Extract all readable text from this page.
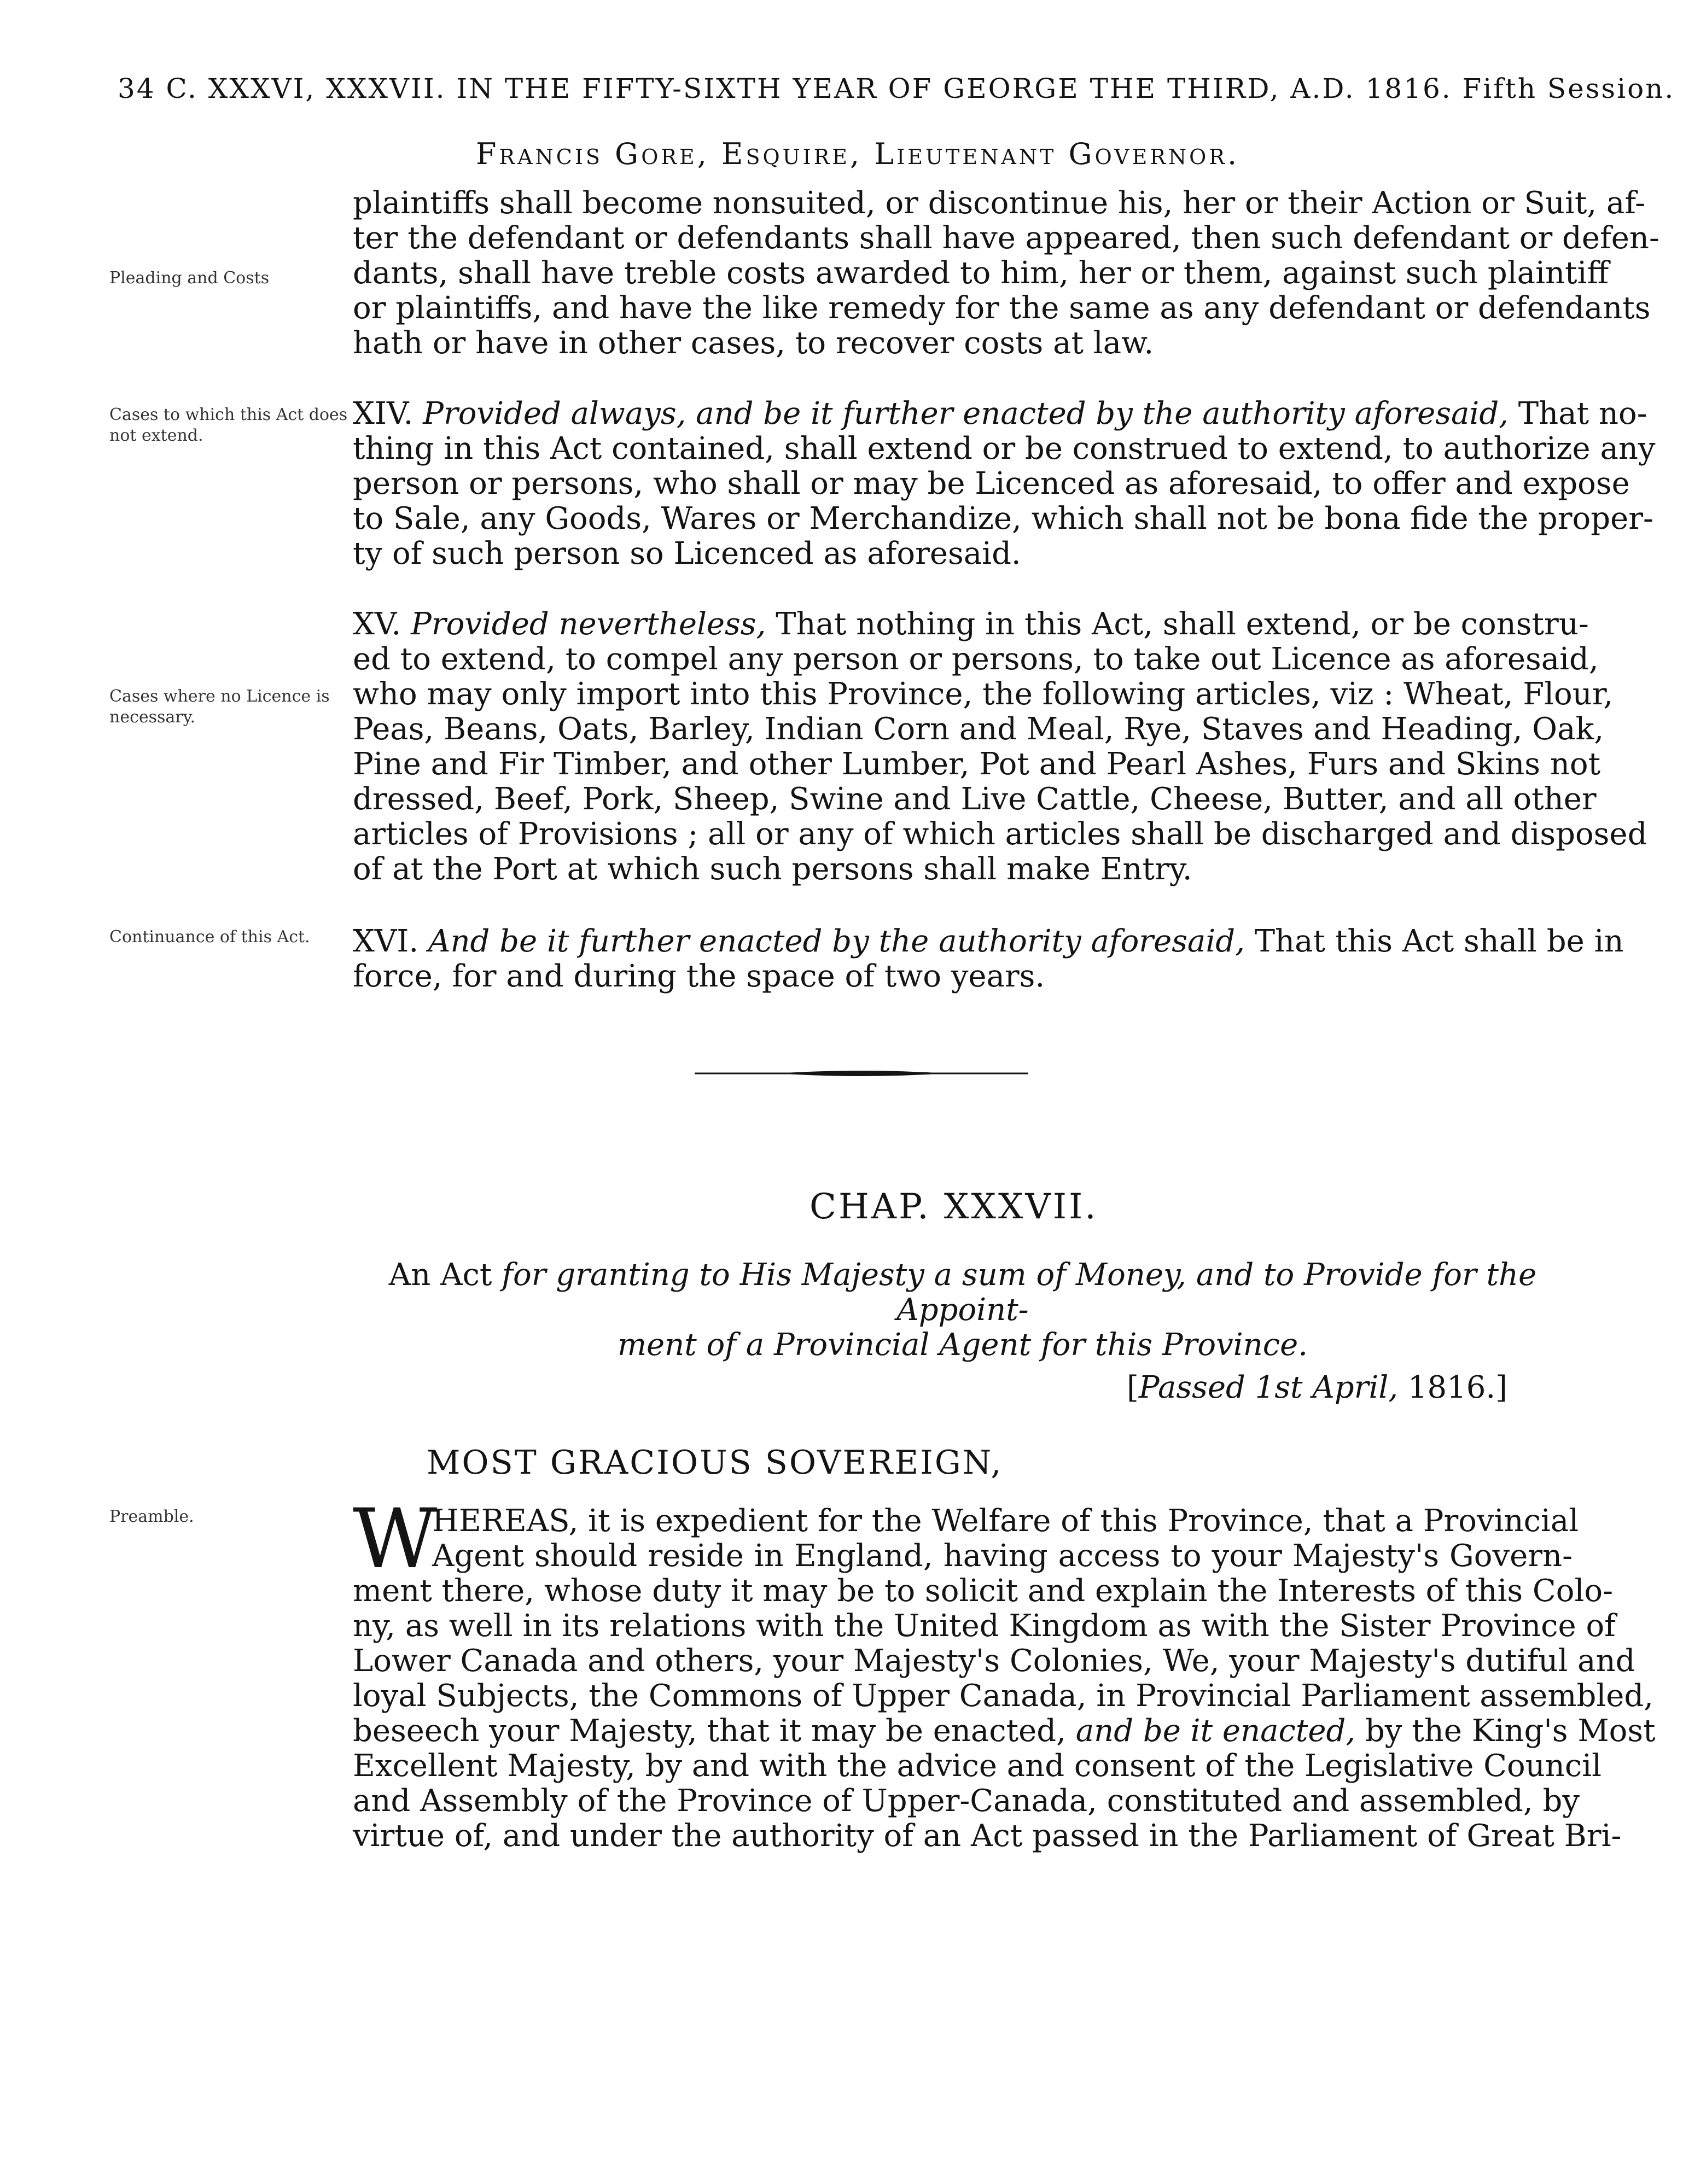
34 C. XXXVI, XXXVII. IN THE FIFTY-SIXTH YEAR OF GEORGE THE THIRD, A.D. 1816. Fifth Session.
Francis Gore, Esquire, Lieutenant Governor.
plaintiffs shall become nonsuited, or discontinue his, her or their Action or Suit, af-
ter the defendant or defendants shall have appeared, then such defendant or defen-
dants, shall have treble costs awarded to him, her or them, against such plaintiff
or plaintiffs, and have the like remedy for the same as any defendant or defendants
hath or have in other cases, to recover costs at law.
Pleading and Costs
Cases to which this Act does not extend.
XIV. Provided always, and be it further enacted by the authority aforesaid, That no-
thing in this Act contained, shall extend or be construed to extend, to authorize any
person or persons, who shall or may be Licenced as aforesaid, to offer and expose
to Sale, any Goods, Wares or Merchandize, which shall not be bona fide the proper-
ty of such person so Licenced as aforesaid.
Cases where no Licence is necessary.
XV. Provided nevertheless, That nothing in this Act, shall extend, or be constru-
ed to extend, to compel any person or persons, to take out Licence as aforesaid,
who may only import into this Province, the following articles, viz : Wheat, Flour,
Peas, Beans, Oats, Barley, Indian Corn and Meal, Rye, Staves and Heading, Oak,
Pine and Fir Timber, and other Lumber, Pot and Pearl Ashes, Furs and Skins not
dressed, Beef, Pork, Sheep, Swine and Live Cattle, Cheese, Butter, and all other
articles of Provisions ; all or any of which articles shall be discharged and disposed
of at the Port at which such persons shall make Entry.
Continuance of this Act.	XVI. And be it further enacted by the authority aforesaid, That this Act shall be in
force, for and during the space of two years.
CHAP. XXXVII.
An Act for granting to His Majesty a sum of Money, and to Provide for the Appoint-
ment of a Provincial Agent for this Province.
[Passed 1st April, 1816.]
MOST GRACIOUS SOVEREIGN,
Preamble.	W
HEREAS, it is expedient for the Welfare of this Province, that a Provincial
Agent should reside in England, having access to your Majesty's Govern-
ment there, whose duty it may be to solicit and explain the Interests of this Colo-
ny, as well in its relations with the United Kingdom as with the Sister Province of
Lower Canada and others, your Majesty's Colonies, We, your Majesty's dutiful and
loyal Subjects, the Commons of Upper Canada, in Provincial Parliament assembled,
beseech your Majesty, that it may be enacted, and be it enacted, by the King's Most
Excellent Majesty, by and with the advice and consent of the Legislative Council
and Assembly of the Province of Upper-Canada, constituted and assembled, by
virtue of, and under the authority of an Act passed in the Parliament of Great Bri-
